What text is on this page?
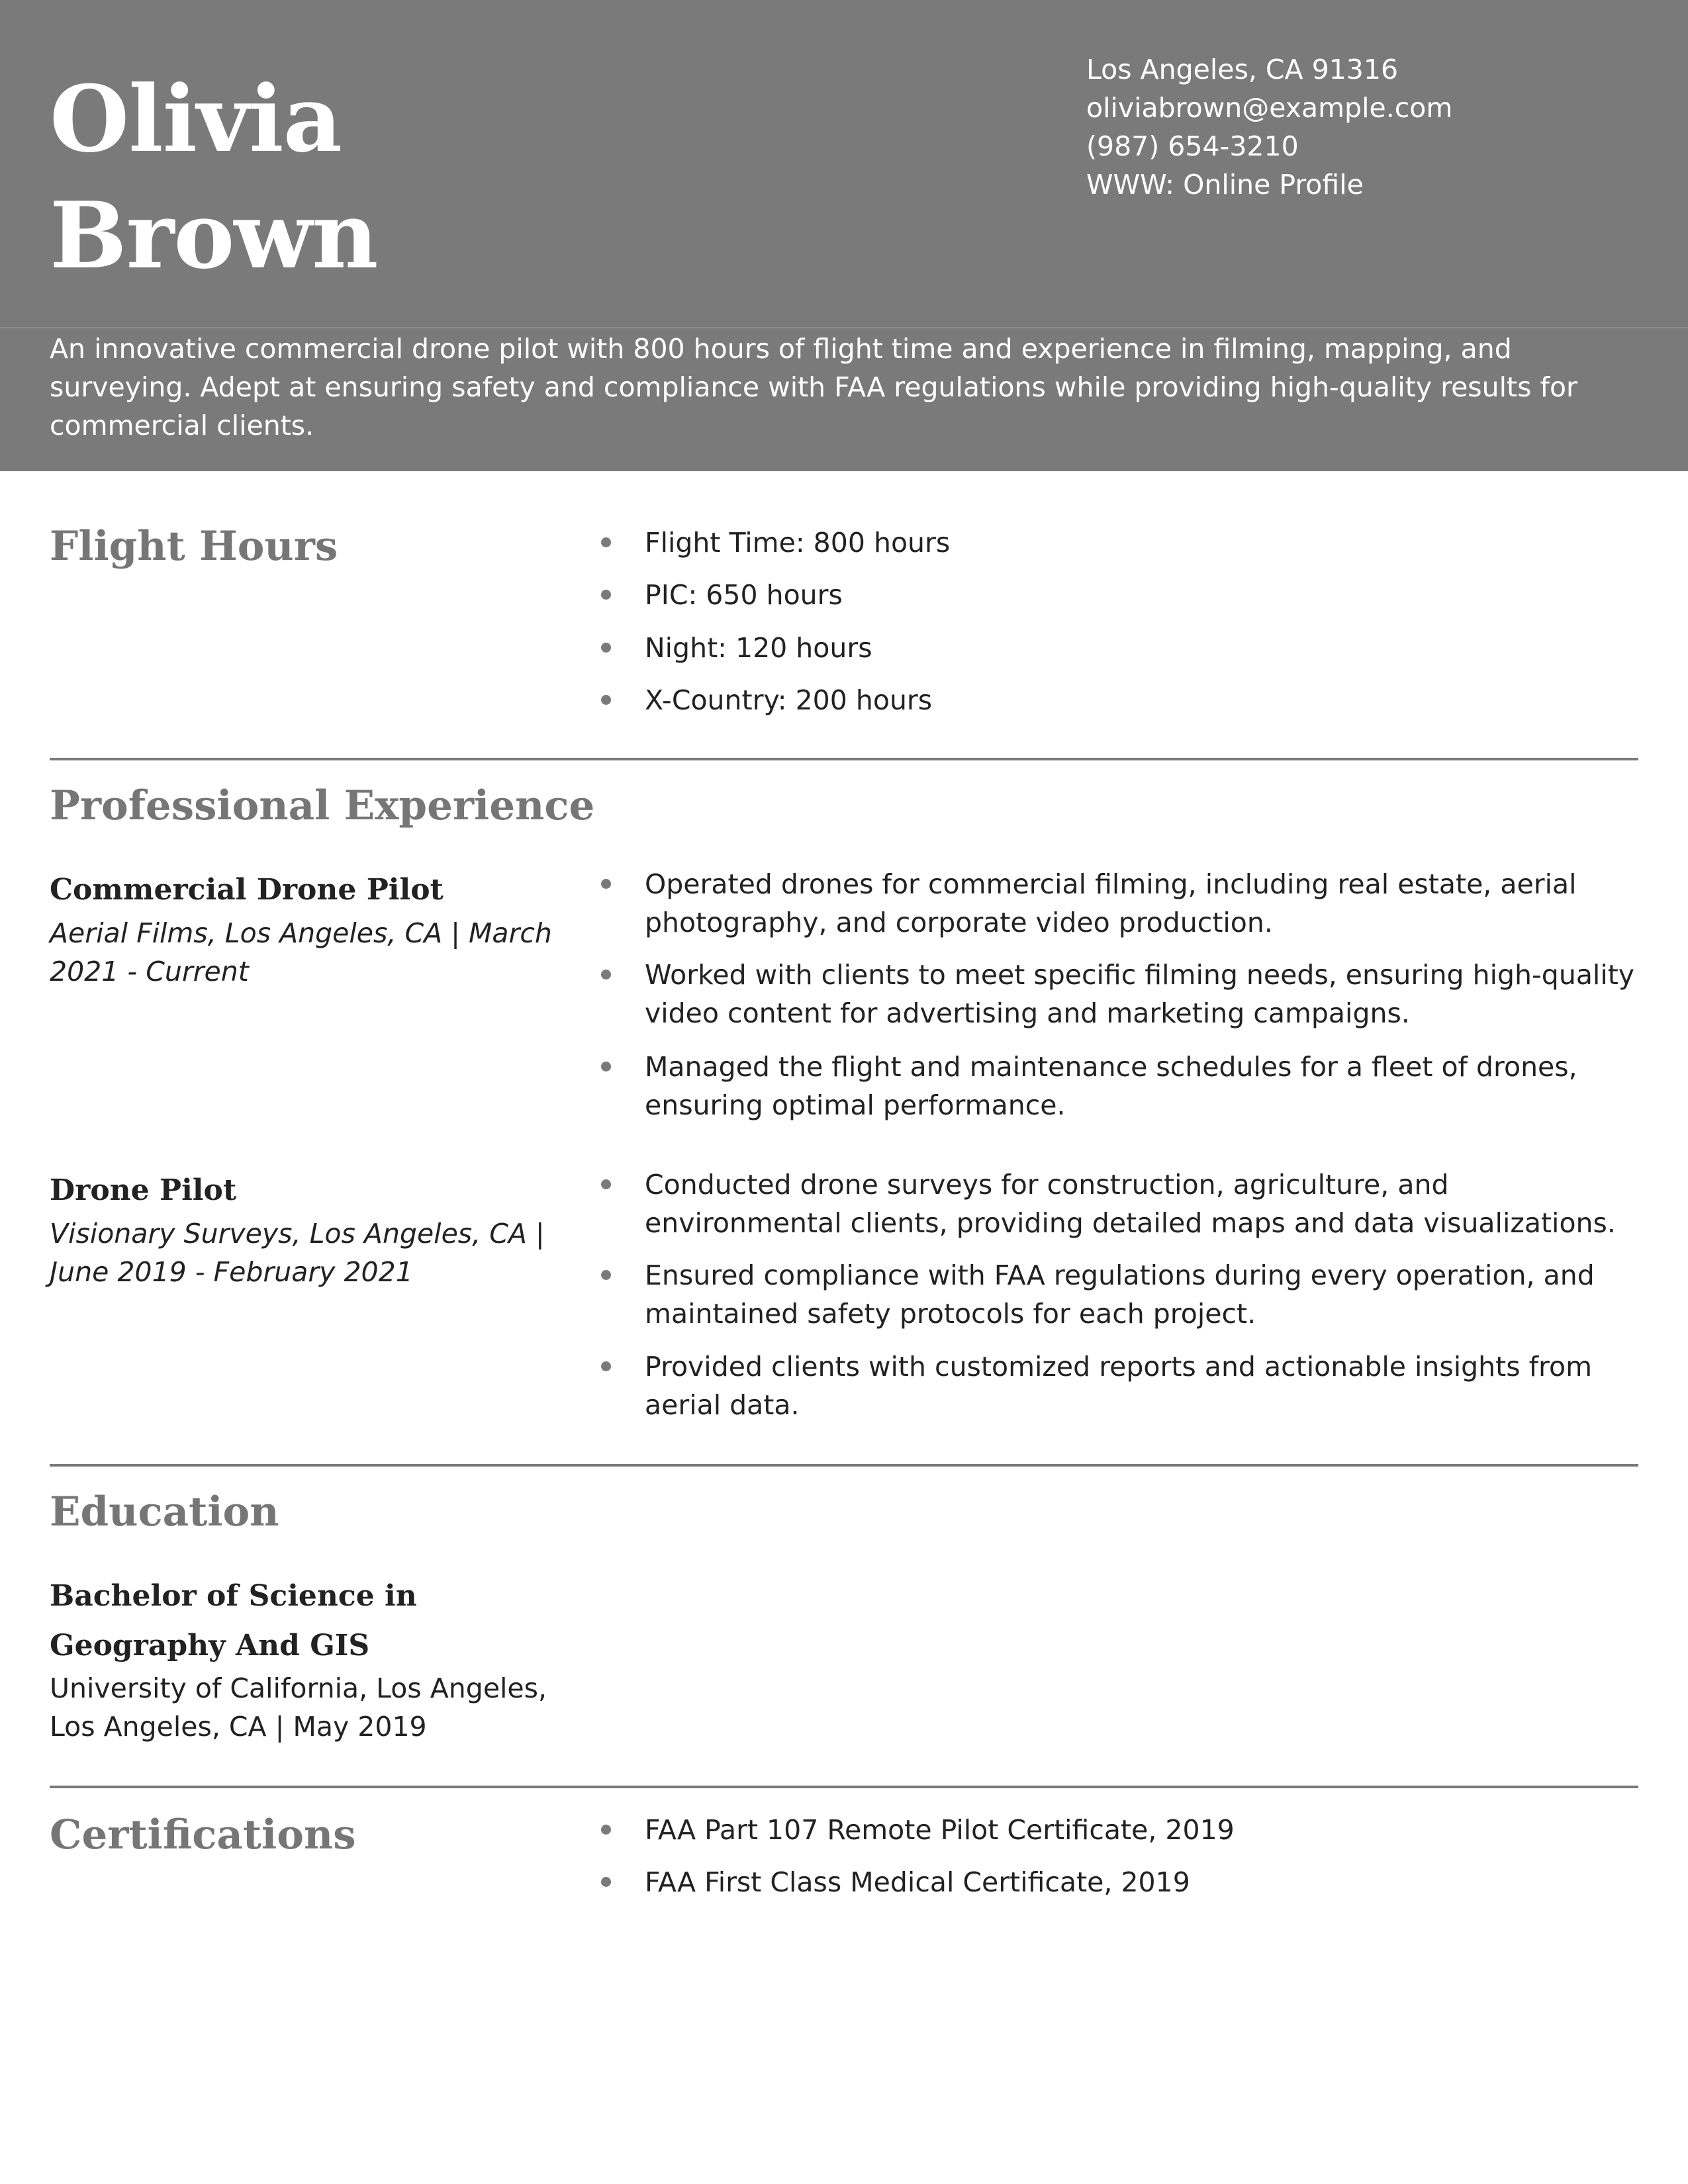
Olivia
Brown
Los Angeles, CA 91316
oliviabrown@example.com
(987) 654-3210
WWW: Online Profile
An innovative commercial drone pilot with 800 hours of flight time and experience in filming, mapping, and surveying. Adept at ensuring safety and compliance with FAA regulations while providing high-quality results for commercial clients.
Flight Hours	Flight Time: 800 hours
PIC: 650 hours
Night: 120 hours
X-Country: 200 hours
Professional Experience
Commercial Drone Pilot
Aerial Films, Los Angeles, CA | March 2021 - Current
Operated drones for commercial filming, including real estate, aerial photography, and corporate video production.
Worked with clients to meet specific filming needs, ensuring high-quality video content for advertising and marketing campaigns.
Managed the flight and maintenance schedules for a fleet of drones, ensuring optimal performance.
Drone Pilot
Visionary Surveys, Los Angeles, CA | June 2019 - February 2021
Conducted drone surveys for construction, agriculture, and environmental clients, providing detailed maps and data visualizations.
Ensured compliance with FAA regulations during every operation, and maintained safety protocols for each project.
Provided clients with customized reports and actionable insights from aerial data.
Education
Bachelor of Science in Geography And GIS
University of California, Los Angeles, Los Angeles, CA | May 2019
Certifications	FAA Part 107 Remote Pilot Certificate, 2019
FAA First Class Medical Certificate, 2019
